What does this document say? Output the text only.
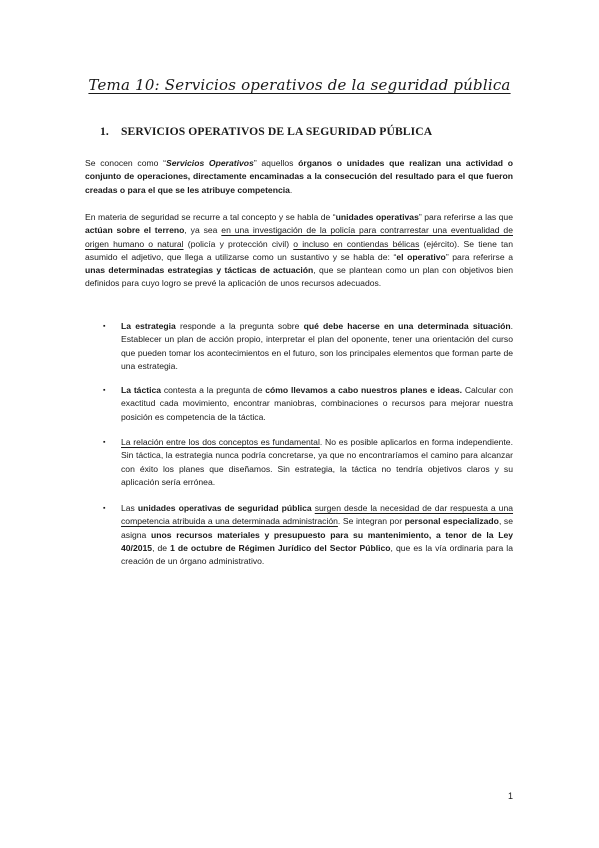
Tema 10: Servicios operativos de la seguridad pública
1. SERVICIOS OPERATIVOS DE LA SEGURIDAD PÚBLICA

Se conocen como “Servicios Operativos” aquellos órganos o unidades que realizan una actividad o conjunto de operaciones, directamente encaminadas a la consecución del resultado para el que fueron creadas o para el que se les atribuye competencia.

En materia de seguridad se recurre a tal concepto y se habla de “unidades operativas” para referirse a las que actúan sobre el terreno, ya sea en una investigación de la policía para contrarrestar una eventualidad de origen humano o natural (policía y protección civil) o incluso en contiendas bélicas (ejército). Se tiene tan asumido el adjetivo, que llega a utilizarse como un sustantivo y se habla de: “el operativo” para referirse a unas determinadas estrategias y tácticas de actuación, que se plantean como un plan con objetivos bien definidos para cuyo logro se prevé la aplicación de unos recursos adecuados.

▪ La estrategia responde a la pregunta sobre qué debe hacerse en una determinada situación. Establecer un plan de acción propio, interpretar el plan del oponente, tener una orientación del curso que pueden tomar los acontecimientos en el futuro, son los principales elementos que forman parte de una estrategia.
▪ La táctica contesta a la pregunta de cómo llevamos a cabo nuestros planes e ideas. Calcular con exactitud cada movimiento, encontrar maniobras, combinaciones o recursos para mejorar nuestra posición es competencia de la táctica.
▪ La relación entre los dos conceptos es fundamental. No es posible aplicarlos en forma independiente. Sin táctica, la estrategia nunca podría concretarse, ya que no encontraríamos el camino para alcanzar con éxito los planes que diseñamos. Sin estrategia, la táctica no tendría objetivos claros y su aplicación sería errónea.
▪ Las unidades operativas de seguridad pública surgen desde la necesidad de dar respuesta a una competencia atribuida a una determinada administración. Se integran por personal especializado, se asigna unos recursos materiales y presupuesto para su mantenimiento, a tenor de la Ley 40/2015, de 1 de octubre de Régimen Jurídico del Sector Público, que es la vía ordinaria para la creación de un órgano administrativo.
1
